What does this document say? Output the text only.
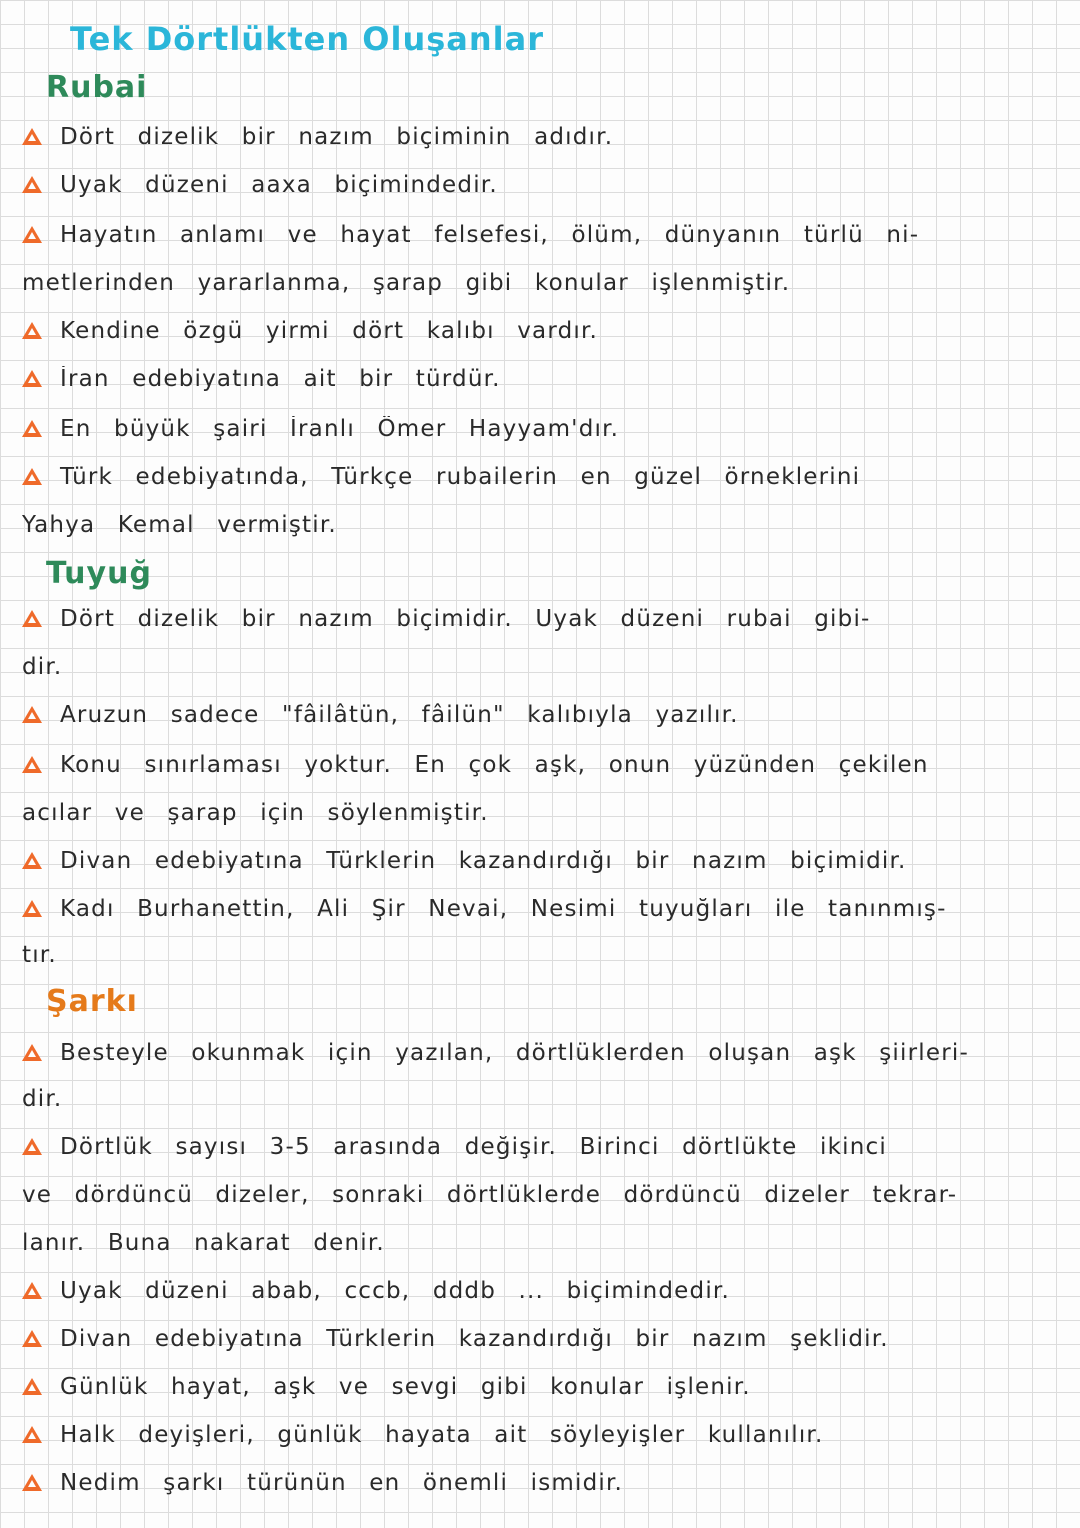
Tek Dörtlükten Oluşanlar
Rubai
Dört dizelik bir nazım biçiminin adıdır.
Uyak düzeni aaxa biçimindedir.
Hayatın anlamı ve hayat felsefesi, ölüm, dünyanın türlü ni-
metlerinden yararlanma, şarap gibi konular işlenmiştir.
Kendine özgü yirmi dört kalıbı vardır.
İran edebiyatına ait bir türdür.
En büyük şairi İranlı Ömer Hayyam'dır.
Türk edebiyatında, Türkçe rubailerin en güzel örneklerini
Yahya Kemal vermiştir.
Tuyuğ
Dört dizelik bir nazım biçimidir. Uyak düzeni rubai gibi-
dir.
Aruzun sadece "fâilâtün, fâilün" kalıbıyla yazılır.
Konu sınırlaması yoktur. En çok aşk, onun yüzünden çekilen
acılar ve şarap için söylenmiştir.
Divan edebiyatına Türklerin kazandırdığı bir nazım biçimidir.
Kadı Burhanettin, Ali Şir Nevai, Nesimi tuyuğları ile tanınmış-
tır.
Şarkı
Besteyle okunmak için yazılan, dörtlüklerden oluşan aşk şiirleri-
dir.
Dörtlük sayısı 3-5 arasında değişir. Birinci dörtlükte ikinci
ve dördüncü dizeler, sonraki dörtlüklerde dördüncü dizeler tekrar-
lanır. Buna nakarat denir.
Uyak düzeni abab, cccb, dddb ... biçimindedir.
Divan edebiyatına Türklerin kazandırdığı bir nazım şeklidir.
Günlük hayat, aşk ve sevgi gibi konular işlenir.
Halk deyişleri, günlük hayata ait söyleyişler kullanılır.
Nedim şarkı türünün en önemli ismidir.
